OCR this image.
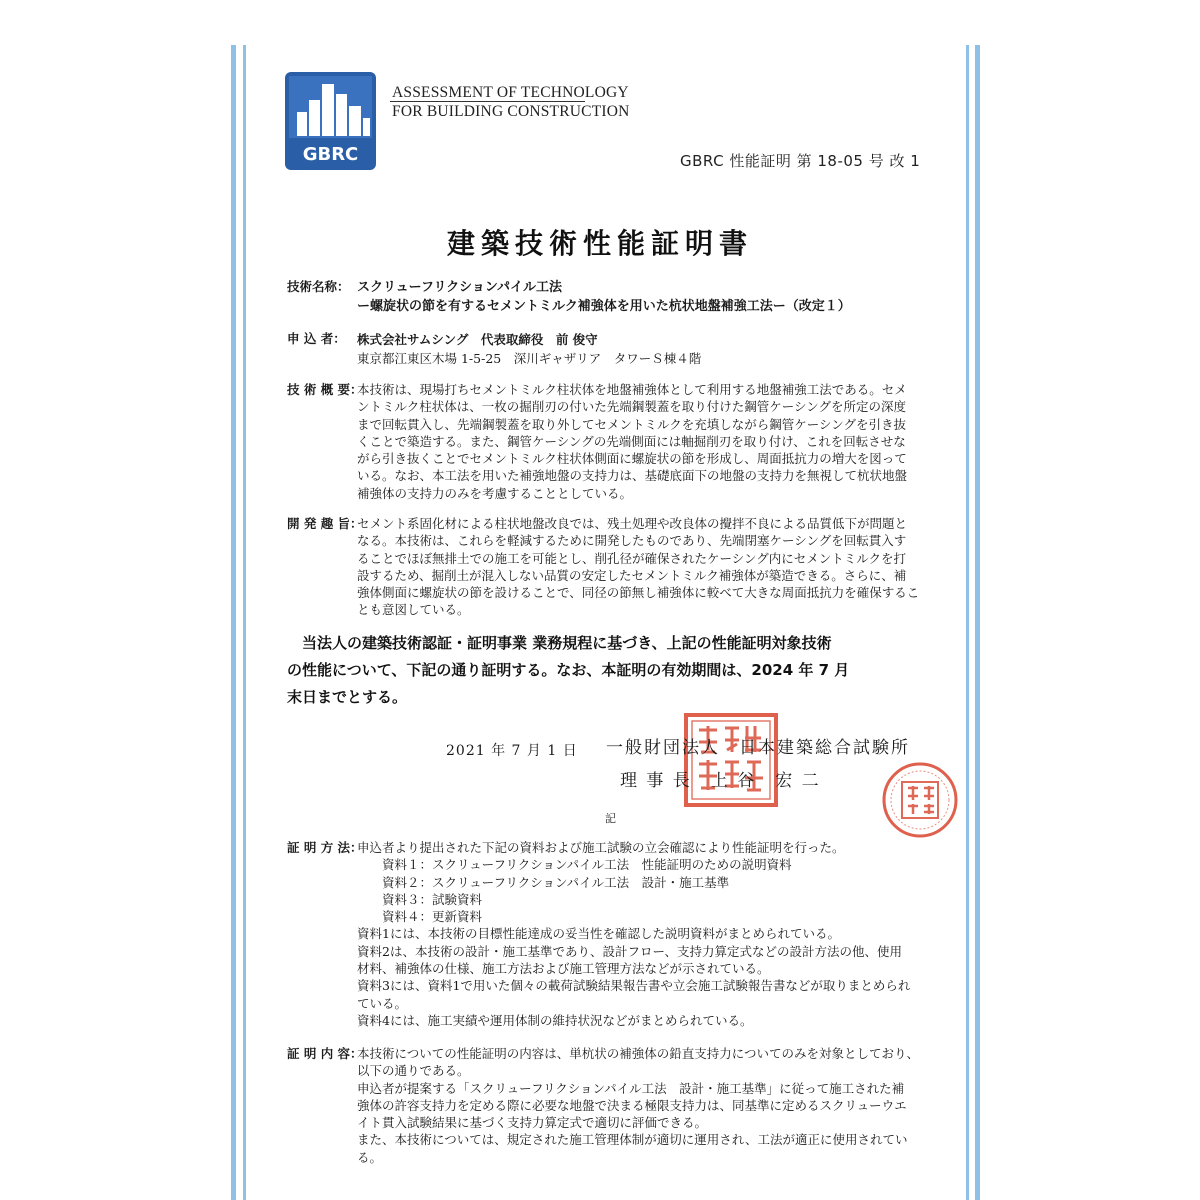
GBRC
ASSESSMENT OF TECHNOLOGY
FOR BUILDING CONSTRUCTION
GBRC 性能証明 第 18-05 号 改 1
建築技術性能証明書
技術名称： スクリューフリクションパイル工法
ー螺旋状の節を有するセメントミルク補強体を用いた杭状地盤補強工法ー（改定１）
申 込 者： 株式会社サムシング　代表取締役　前 俊守
東京都江東区木場 1-5-25　深川ギャザリア　タワーＳ棟４階
技 術 概 要：
本技術は、現場打ちセメントミルク柱状体を地盤補強体として利用する地盤補強工法である。セメ
ントミルク柱状体は、一枚の掘削刃の付いた先端鋼製蓋を取り付けた鋼管ケーシングを所定の深度
まで回転貫入し、先端鋼製蓋を取り外してセメントミルクを充填しながら鋼管ケーシングを引き抜
くことで築造する。また、鋼管ケーシングの先端側面には軸掘削刃を取り付け、これを回転させな
がら引き抜くことでセメントミルク柱状体側面に螺旋状の節を形成し、周面抵抗力の増大を図って
いる。なお、本工法を用いた補強地盤の支持力は、基礎底面下の地盤の支持力を無視して杭状地盤
補強体の支持力のみを考慮することとしている。
開 発 趣 旨：
セメント系固化材による柱状地盤改良では、残土処理や改良体の攪拌不良による品質低下が問題と
なる。本技術は、これらを軽減するために開発したものであり、先端閉塞ケーシングを回転貫入す
ることでほぼ無排土での施工を可能とし、削孔径が確保されたケーシング内にセメントミルクを打
設するため、掘削土が混入しない品質の安定したセメントミルク補強体が築造できる。さらに、補
強体側面に螺旋状の節を設けることで、同径の節無し補強体に較べて大きな周面抵抗力を確保するこ
とも意図している。
　当法人の建築技術認証・証明事業 業務規程に基づき、上記の性能証明対象技術
の性能について、下記の通り証明する。なお、本証明の有効期間は、2024 年 7 月
末日までとする。
2021 年 7 月 1 日 一般財団法人　日本建築総合試験所
理 事 長　上 谷　宏 二
記
証 明 方 法：
申込者より提出された下記の資料および施工試験の立会確認により性能証明を行った。
　　資料１：スクリューフリクションパイル工法　性能証明のための説明資料
　　資料２：スクリューフリクションパイル工法　設計・施工基準
　　資料３：試験資料
　　資料４：更新資料
資料1には、本技術の目標性能達成の妥当性を確認した説明資料がまとめられている。
資料2は、本技術の設計・施工基準であり、設計フロー、支持力算定式などの設計方法の他、使用
材料、補強体の仕様、施工方法および施工管理方法などが示されている。
資料3には、資料1で用いた個々の載荷試験結果報告書や立会施工試験報告書などが取りまとめられ
ている。
資料4には、施工実績や運用体制の維持状況などがまとめられている。
証 明 内 容：
本技術についての性能証明の内容は、単杭状の補強体の鉛直支持力についてのみを対象としており、
以下の通りである。
申込者が提案する「スクリューフリクションパイル工法　設計・施工基準」に従って施工された補
強体の許容支持力を定める際に必要な地盤で決まる極限支持力は、同基準に定めるスクリューウエ
イト貫入試験結果に基づく支持力算定式で適切に評価できる。
また、本技術については、規定された施工管理体制が適切に運用され、工法が適正に使用されてい
る。
